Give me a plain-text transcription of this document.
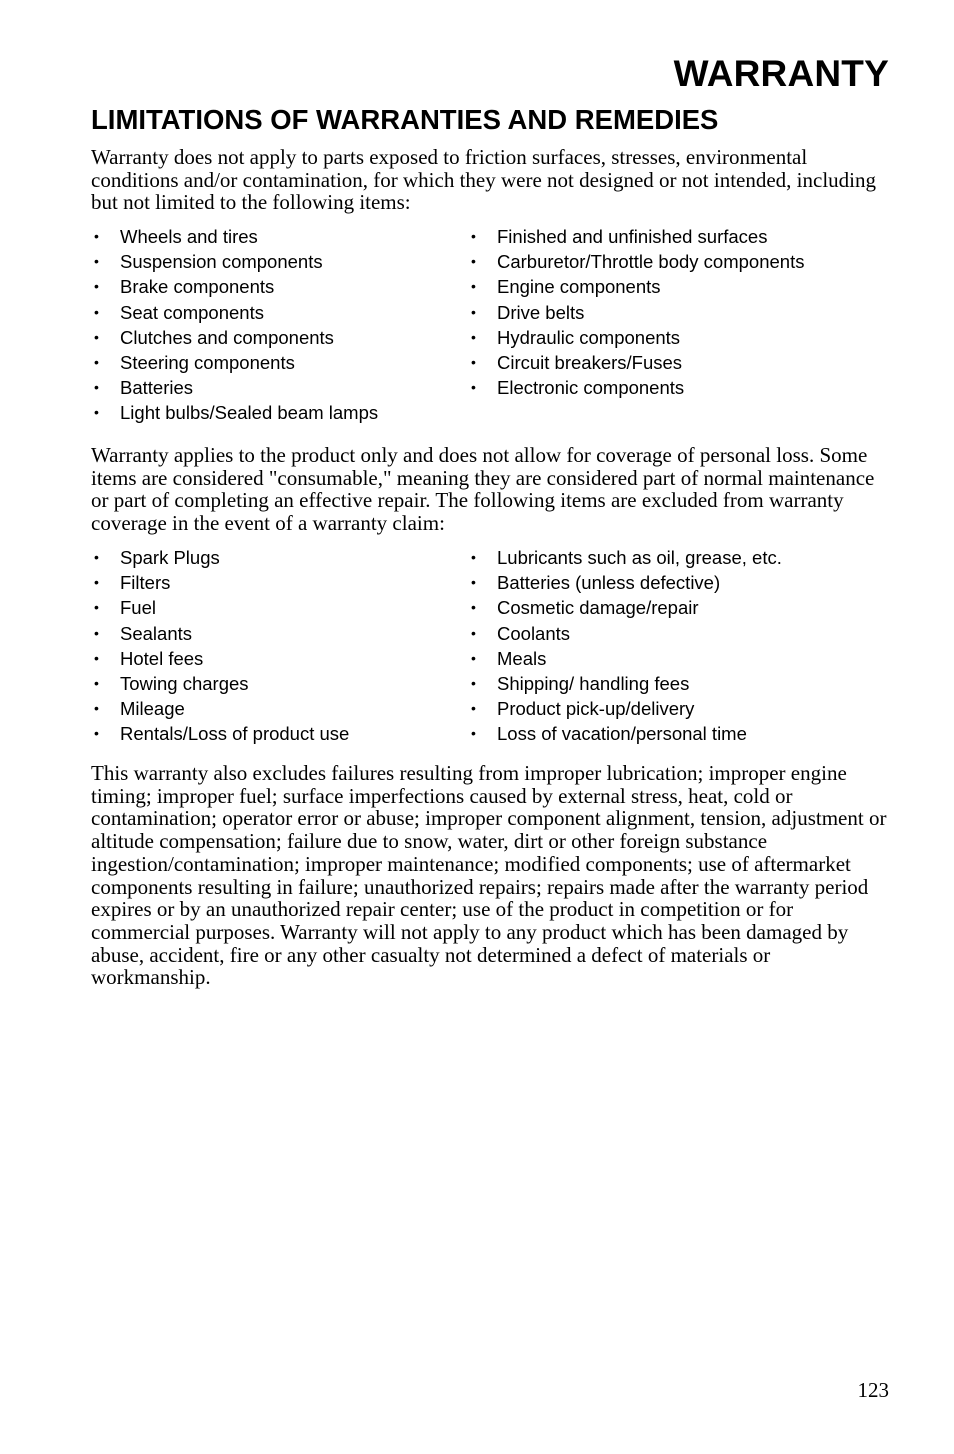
WARRANTY
LIMITATIONS OF WARRANTIES AND REMEDIES

Warranty does not apply to parts exposed to friction surfaces, stresses, environmental conditions and/or contamination, for which they were not designed or not intended, including but not limited to the following items:

• Wheels and tires
• Suspension components
• Brake components
• Seat components
• Clutches and components
• Steering components
• Batteries
• Light bulbs/Sealed beam lamps
• Finished and unfinished surfaces
• Carburetor/Throttle body components
• Engine components
• Drive belts
• Hydraulic components
• Circuit breakers/Fuses
• Electronic components

Warranty applies to the product only and does not allow for coverage of personal loss. Some items are considered "consumable," meaning they are considered part of normal maintenance or part of completing an effective repair. The following items are excluded from warranty coverage in the event of a warranty claim:

• Spark Plugs
• Filters
• Fuel
• Sealants
• Hotel fees
• Towing charges
• Mileage
• Rentals/Loss of product use
• Lubricants such as oil, grease, etc.
• Batteries (unless defective)
• Cosmetic damage/repair
• Coolants
• Meals
• Shipping/ handling fees
• Product pick-up/delivery
• Loss of vacation/personal time

This warranty also excludes failures resulting from improper lubrication; improper engine timing; improper fuel; surface imperfections caused by external stress, heat, cold or contamination; operator error or abuse; improper component alignment, tension, adjustment or altitude compensation; failure due to snow, water, dirt or other foreign substance ingestion/contamination; improper maintenance; modified components; use of aftermarket components resulting in failure; unauthorized repairs; repairs made after the warranty period expires or by an unauthorized repair center; use of the product in competition or for commercial purposes. Warranty will not apply to any product which has been damaged by abuse, accident, fire or any other casualty not determined a defect of materials or workmanship.

123
